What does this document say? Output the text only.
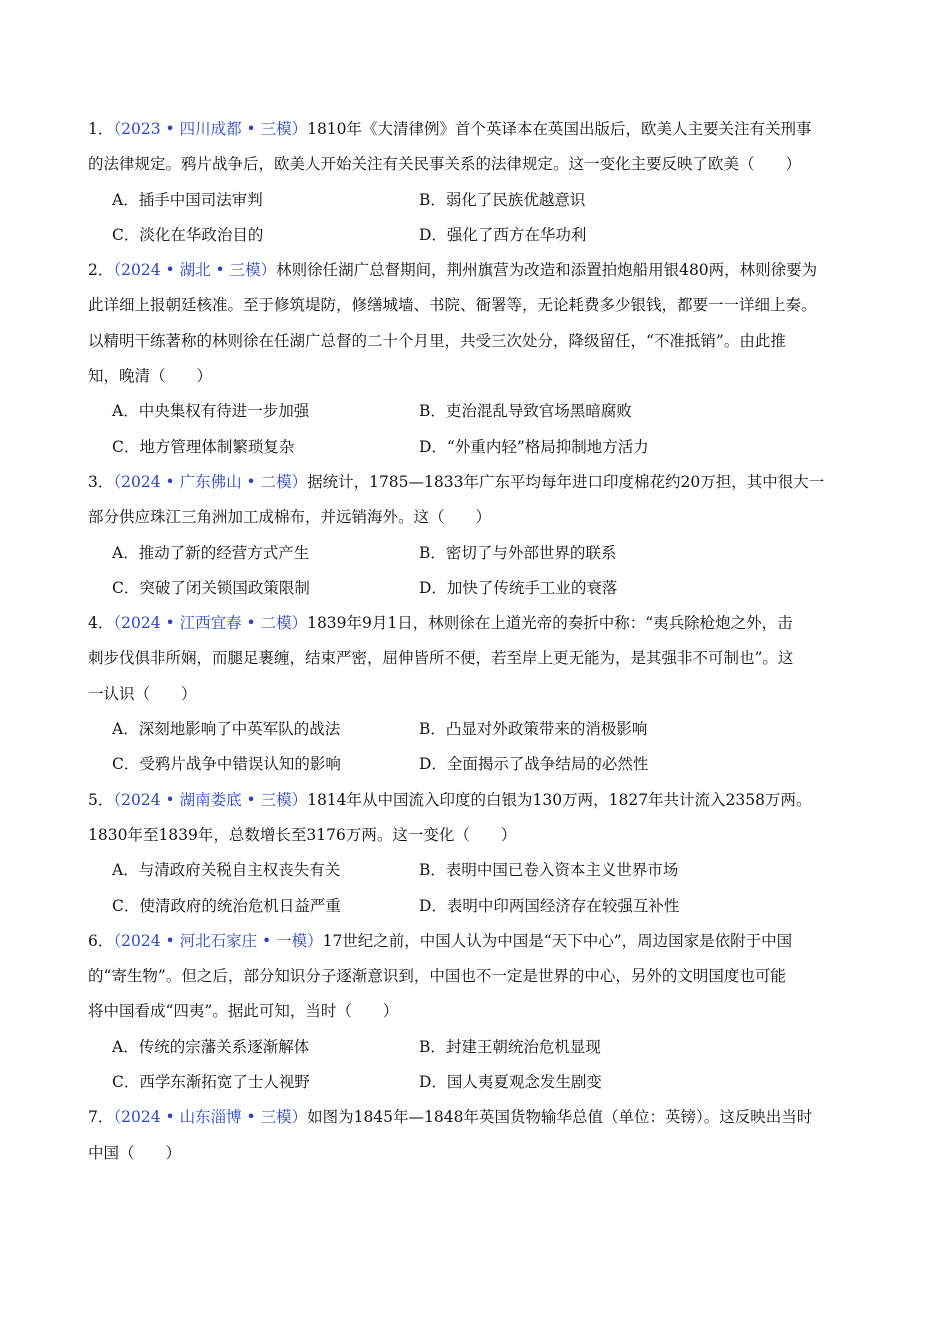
1．（2023 • 四川成都 • 三模）1810年《大清律例》首个英译本在英国出版后，欧美人主要关注有关刑事
的法律规定。鸦片战争后，欧美人开始关注有关民事关系的法律规定。这一变化主要反映了欧美（　　）
A．插手中国司法审判	B．弱化了民族优越意识
C．淡化在华政治目的	D．强化了西方在华功利
2．（2024 • 湖北 • 三模）林则徐任湖广总督期间，荆州旗营为改造和添置拍炮船用银480两，林则徐要为
此详细上报朝廷核准。至于修筑堤防，修缮城墙、书院、衙署等，无论耗费多少银钱，都要一一详细上奏。
以精明干练著称的林则徐在任湖广总督的二十个月里，共受三次处分，降级留任，“不准抵销”。由此推
知，晚清（　　）
A．中央集权有待进一步加强	B．吏治混乱导致官场黑暗腐败
C．地方管理体制繁琐复杂	D．“外重内轻”格局抑制地方活力
3．（2024 • 广东佛山 • 二模）据统计，1785—1833年广东平均每年进口印度棉花约20万担，其中很大一
部分供应珠江三角洲加工成棉布，并远销海外。这（　　）
A．推动了新的经营方式产生	B．密切了与外部世界的联系
C．突破了闭关锁国政策限制	D．加快了传统手工业的衰落
4．（2024 • 江西宜春 • 二模）1839年9月1日，林则徐在上道光帝的奏折中称：“夷兵除枪炮之外，击
刺步伐俱非所娴，而腿足裹缠，结束严密，屈伸皆所不便，若至岸上更无能为，是其强非不可制也”。这
一认识（　　）
A．深刻地影响了中英军队的战法	B．凸显对外政策带来的消极影响
C．受鸦片战争中错误认知的影响	D．全面揭示了战争结局的必然性
5．（2024 • 湖南娄底 • 三模）1814年从中国流入印度的白银为130万两，1827年共计流入2358万两。
1830年至1839年，总数增长至3176万两。这一变化（　　）
A．与清政府关税自主权丧失有关	B．表明中国已卷入资本主义世界市场
C．使清政府的统治危机日益严重	D．表明中印两国经济存在较强互补性
6．（2024 • 河北石家庄 • 一模）17世纪之前，中国人认为中国是“天下中心”，周边国家是依附于中国
的“寄生物”。但之后，部分知识分子逐渐意识到，中国也不一定是世界的中心，另外的文明国度也可能
将中国看成“四夷”。据此可知，当时（　　）
A．传统的宗藩关系逐渐解体	B．封建王朝统治危机显现
C．西学东渐拓宽了士人视野	D．国人夷夏观念发生剧变
7．（2024 • 山东淄博 • 三模）如图为1845年—1848年英国货物输华总值（单位：英镑）。这反映出当时
中国（　　）
